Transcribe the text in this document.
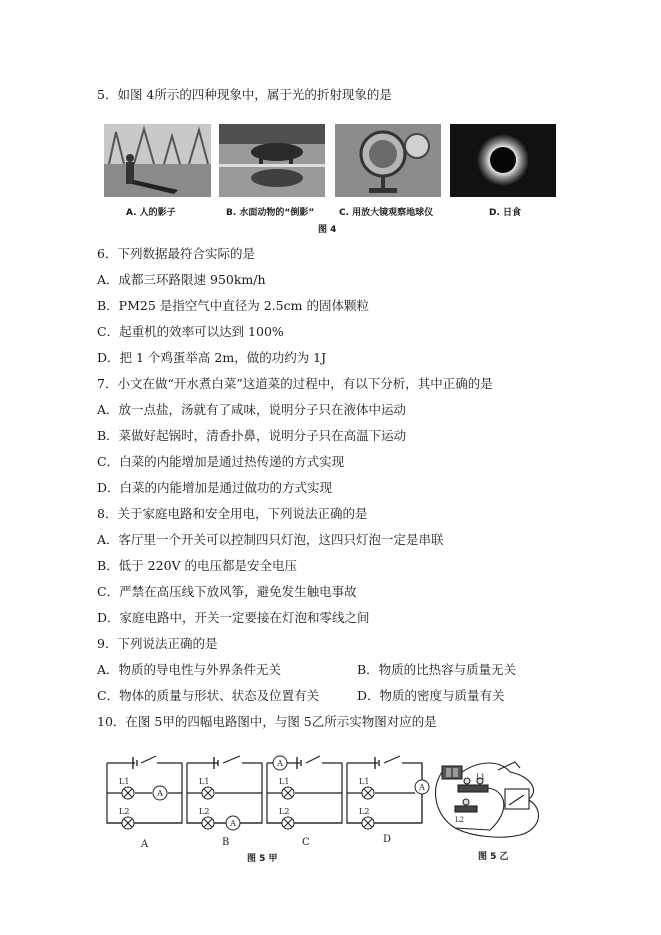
5．如图 4所示的四种现象中，属于光的折射现象的是
A. 人的影子	B. 水面动物的“倒影”	C. 用放大镜观察地球仪	D. 日食
图 4
6．下列数据最符合实际的是
A．成都三环路限速 950km/h
B．PM25 是指空气中直径为 2.5cm 的固体颗粒
C．起重机的效率可以达到 100%
D．把 1 个鸡蛋举高 2m，做的功约为 1J
7．小文在做“开水煮白菜”这道菜的过程中，有以下分析，其中正确的是
A．放一点盐，汤就有了咸味，说明分子只在液体中运动
B．菜做好起锅时，清香扑鼻，说明分子只在高温下运动
C．白菜的内能增加是通过热传递的方式实现
D．白菜的内能增加是通过做功的方式实现
8．关于家庭电路和安全用电，下列说法正确的是
A．客厅里一个开关可以控制四只灯泡，这四只灯泡一定是串联
B．低于 220V 的电压都是安全电压
C．严禁在高压线下放风筝，避免发生触电事故
D．家庭电路中，开关一定要接在灯泡和零线之间
9．下列说法正确的是
A．物质的导电性与外界条件无关	B．物质的比热容与质量无关
C．物体的质量与形状、状态及位置有关	D．物质的密度与质量有关
10．在图 5甲的四幅电路图中，与图 5乙所示实物图对应的是
A
A
A
A
L1
L2
L1
L2
L1
L2
L1
L2
A	B	C	D
L1
L2
图 5 甲	图 5 乙
